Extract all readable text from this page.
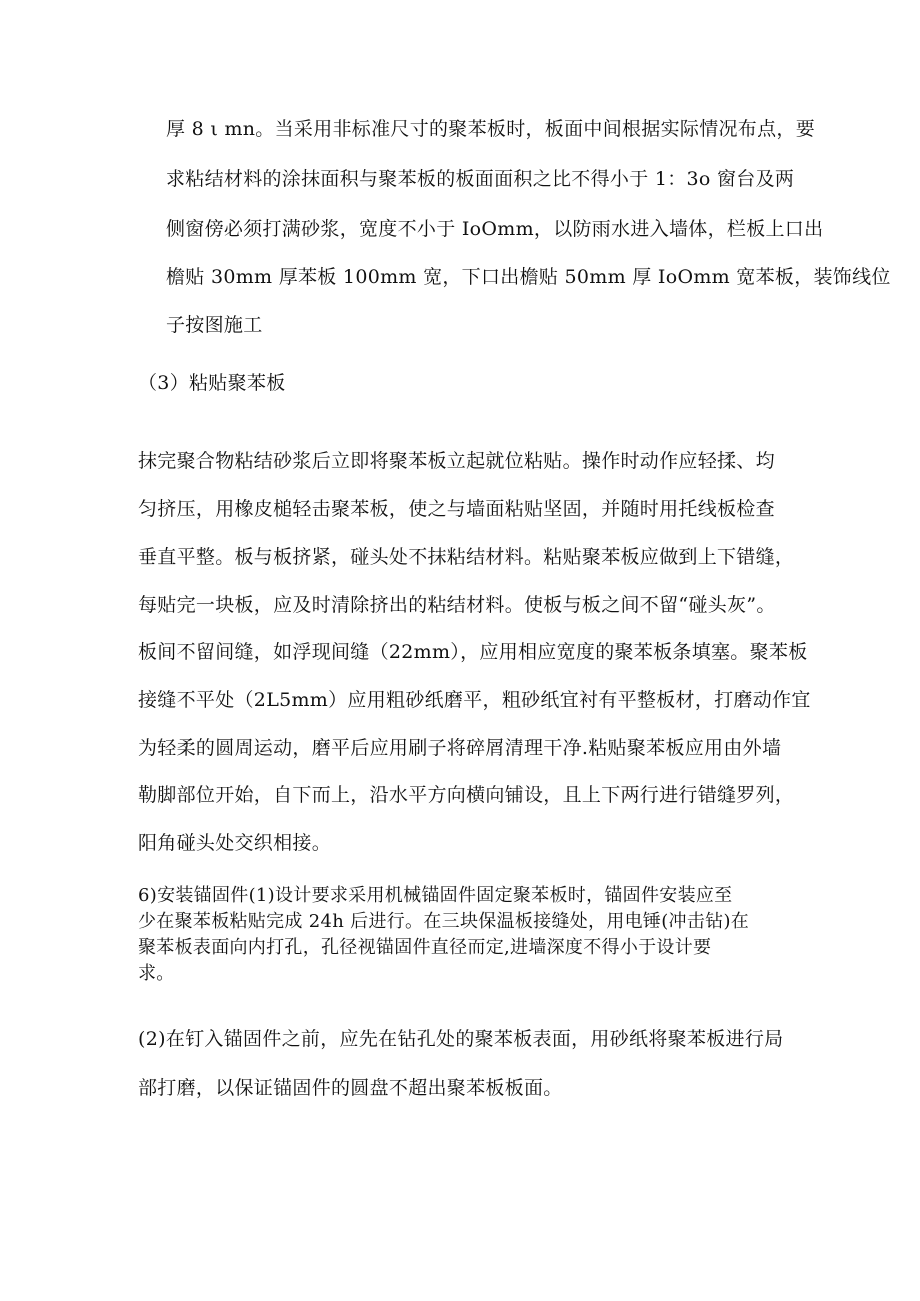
厚 8 ι mn。当采用非标准尺寸的聚苯板时，板面中间根据实际情况布点，要
求粘结材料的涂抹面积与聚苯板的板面面积之比不得小于 1：3o 窗台及两
侧窗傍必须打满砂浆，宽度不小于 IoOmm，以防雨水进入墙体，栏板上口出
檐贴 30mm 厚苯板 100mm 宽，下口出檐贴 50mm 厚 IoOmm 宽苯板，装饰线位
子按图施工
（3）粘贴聚苯板
抹完聚合物粘结砂浆后立即将聚苯板立起就位粘贴。操作时动作应轻揉、均
匀挤压，用橡皮槌轻击聚苯板，使之与墙面粘贴坚固，并随时用托线板检查
垂直平整。板与板挤紧，碰头处不抹粘结材料。粘贴聚苯板应做到上下错缝，
每贴完一块板，应及时清除挤出的粘结材料。使板与板之间不留“碰头灰”。
板间不留间缝，如浮现间缝（22mm），应用相应宽度的聚苯板条填塞。聚苯板
接缝不平处（2L5mm）应用粗砂纸磨平，粗砂纸宜衬有平整板材，打磨动作宜
为轻柔的圆周运动，磨平后应用刷子将碎屑清理干净.粘贴聚苯板应用由外墙
勒脚部位开始，自下而上，沿水平方向横向铺设，且上下两行进行错缝罗列，
阳角碰头处交织相接。
6)安装锚固件(1)设计要求采用机械锚固件固定聚苯板时，锚固件安装应至
少在聚苯板粘贴完成 24h 后进行。在三块保温板接缝处，用电锤(冲击钻)在
聚苯板表面向内打孔，孔径视锚固件直径而定,进墙深度不得小于设计要
求。
(2)在钉入锚固件之前，应先在钻孔处的聚苯板表面，用砂纸将聚苯板进行局
部打磨，以保证锚固件的圆盘不超出聚苯板板面。
